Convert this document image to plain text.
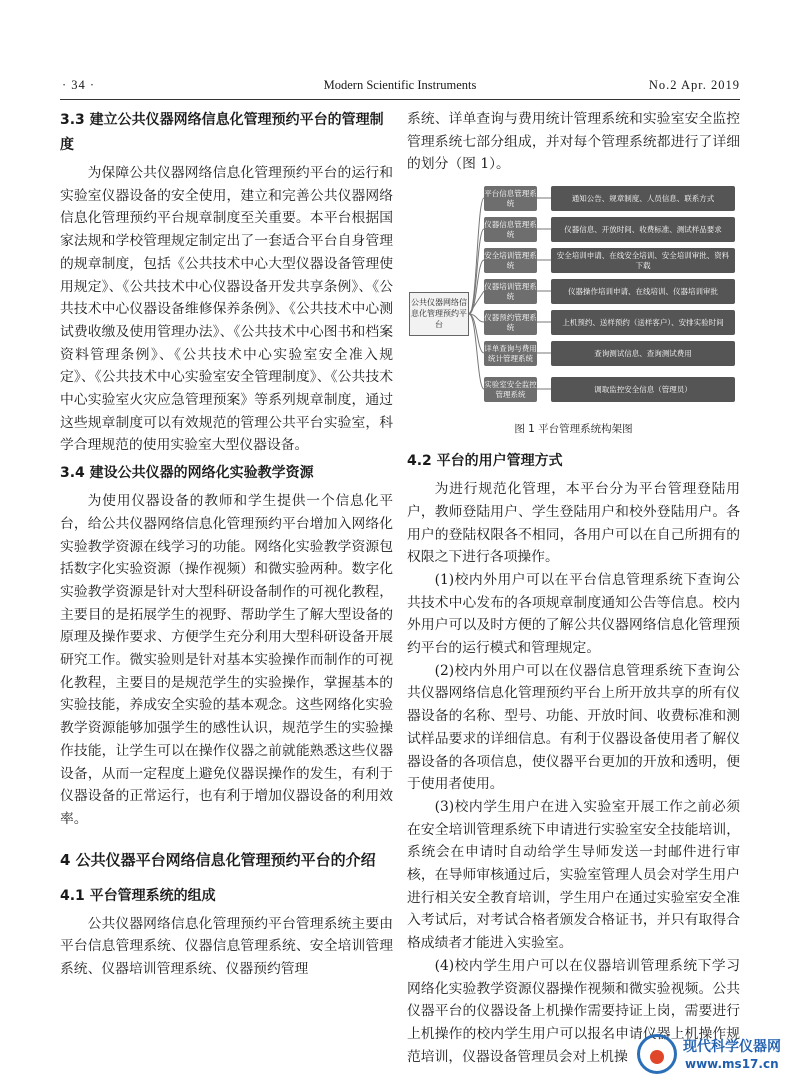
· 34 ·	Modern Scientific Instruments	No.2 Apr. 2019
3.3 建立公共仪器网络信息化管理预约平台的管理制度

为保障公共仪器网络信息化管理预约平台的运行和实验室仪器设备的安全使用，建立和完善公共仪器网络信息化管理预约平台规章制度至关重要。本平台根据国家法规和学校管理规定制定出了一套适合平台自身管理的规章制度，包括《公共技术中心大型仪器设备管理使用规定》、《公共技术中心仪器设备开发共享条例》、《公共技术中心仪器设备维修保养条例》、《公共技术中心测试费收缴及使用管理办法》、《公共技术中心图书和档案资料管理条例》、《公共技术中心实验室安全准入规定》、《公共技术中心实验室安全管理制度》、《公共技术中心实验室火灾应急管理预案》等系列规章制度，通过这些规章制度可以有效规范的管理公共平台实验室，科学合理规范的使用实验室大型仪器设备。

3.4 建设公共仪器的网络化实验教学资源

为使用仪器设备的教师和学生提供一个信息化平台，给公共仪器网络信息化管理预约平台增加入网络化实验教学资源在线学习的功能。网络化实验教学资源包括数字化实验资源（操作视频）和微实验两种。数字化实验教学资源是针对大型科研设备制作的可视化教程，主要目的是拓展学生的视野、帮助学生了解大型设备的原理及操作要求、方便学生充分利用大型科研设备开展研究工作。微实验则是针对基本实验操作而制作的可视化教程，主要目的是规范学生的实验操作，掌握基本的实验技能，养成安全实验的基本观念。这些网络化实验教学资源能够加强学生的感性认识，规范学生的实验操作技能，让学生可以在操作仪器之前就能熟悉这些仪器设备，从而一定程度上避免仪器误操作的发生，有利于仪器设备的正常运行，也有利于增加仪器设备的利用效率。

4 公共仪器平台网络信息化管理预约平台的介绍
4.1 平台管理系统的组成

公共仪器网络信息化管理预约平台管理系统主要由平台信息管理系统、仪器信息管理系统、安全培训管理系统、仪器培训管理系统、仪器预约管理

系统、详单查询与费用统计管理系统和实验室安全监控管理系统七部分组成，并对每个管理系统都进行了详细的划分（图 1）。

公共仪器网络信息化管理预约平台
平台信息管理系统
通知公告、规章制度、人员信息、联系方式
仪器信息管理系统
仪器信息、开放时间、收费标准、测试样品要求
安全培训管理系统
安全培训申请、在线安全培训、安全培训审批、资料下载
仪器培训管理系统
仪器操作培训申请、在线培训、仪器培训审批
仪器预约管理系统
上机预约、送样预约（送样客户）、安排实验时间
详单查询与费用统计管理系统
查询测试信息、查询测试费用
实验室安全监控管理系统
调取监控安全信息（管理员）
图 1 平台管理系统构架图
4.2 平台的用户管理方式

为进行规范化管理，本平台分为平台管理登陆用户，教师登陆用户、学生登陆用户和校外登陆用户。各用户的登陆权限各不相同，各用户可以在自己所拥有的权限之下进行各项操作。

(1)校内外用户可以在平台信息管理系统下查询公共技术中心发布的各项规章制度通知公告等信息。校内外用户可以及时方便的了解公共仪器网络信息化管理预约平台的运行模式和管理规定。

(2)校内外用户可以在仪器信息管理系统下查询公共仪器网络信息化管理预约平台上所开放共享的所有仪器设备的名称、型号、功能、开放时间、收费标准和测试样品要求的详细信息。有利于仪器设备使用者了解仪器设备的各项信息，使仪器平台更加的开放和透明，便于使用者使用。

(3)校内学生用户在进入实验室开展工作之前必须在安全培训管理系统下申请进行实验室安全技能培训，系统会在申请时自动给学生导师发送一封邮件进行审核，在导师审核通过后，实验室管理人员会对学生用户进行相关安全教育培训，学生用户在通过实验室安全准入考试后，对考试合格者颁发合格证书，并只有取得合格成绩者才能进入实验室。

(4)校内学生用户可以在仪器培训管理系统下学习网络化实验教学资源仪器操作视频和微实验视频。公共仪器平台的仪器设备上机操作需要持证上岗，需要进行上机操作的校内学生用户可以报名申请仪器上机操作规范培训，仪器设备管理员会对上机操

现代科学仪器网
www.ms17.cn
